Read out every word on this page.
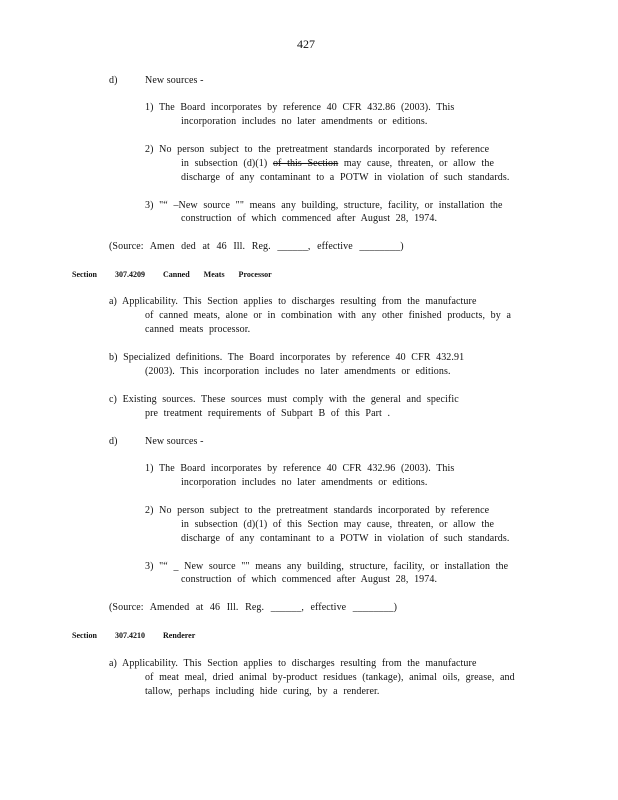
427
d)	New sources -
1) The Board incorporates by reference 40 CFR 432.86 (2003). This
incorporation includes no later amendments or editions.
2) No person subject to the pretreatment standards incorporated by reference
in subsection (d)(1) of this Section may cause, threaten, or allow the
discharge of any contaminant to a POTW in violation of such standards.
3) "“ –New source "" means any building, structure, facility, or installation the
construction of which commenced after August 28, 1974.
(Source: Amen ded at 46 Ill. Reg. ______, effective ________)
Section 307.4209 Canned Meats Processor
a) Applicability. This Section applies to discharges resulting from the manufacture
of canned meats, alone or in combination with any other finished products, by a
canned meats processor.
b) Specialized definitions. The Board incorporates by reference 40 CFR 432.91
(2003). This incorporation includes no later amendments or editions.
c) Existing sources. These sources must comply with the general and specific
pre treatment requirements of Subpart B of this Part .
d)	New sources -
1) The Board incorporates by reference 40 CFR 432.96 (2003). This
incorporation includes no later amendments or editions.
2) No person subject to the pretreatment standards incorporated by reference
in subsection (d)(1) of this Section may cause, threaten, or allow the
discharge of any contaminant to a POTW in violation of such standards.
3) "“ _ New source "" means any building, structure, facility, or installation the
construction of which commenced after August 28, 1974.
(Source: Amended at 46 Ill. Reg. ______, effective ________)
Section 307.4210 Renderer
a) Applicability. This Section applies to discharges resulting from the manufacture
of meat meal, dried animal by-product residues (tankage), animal oils, grease, and
tallow, perhaps including hide curing, by a renderer.
